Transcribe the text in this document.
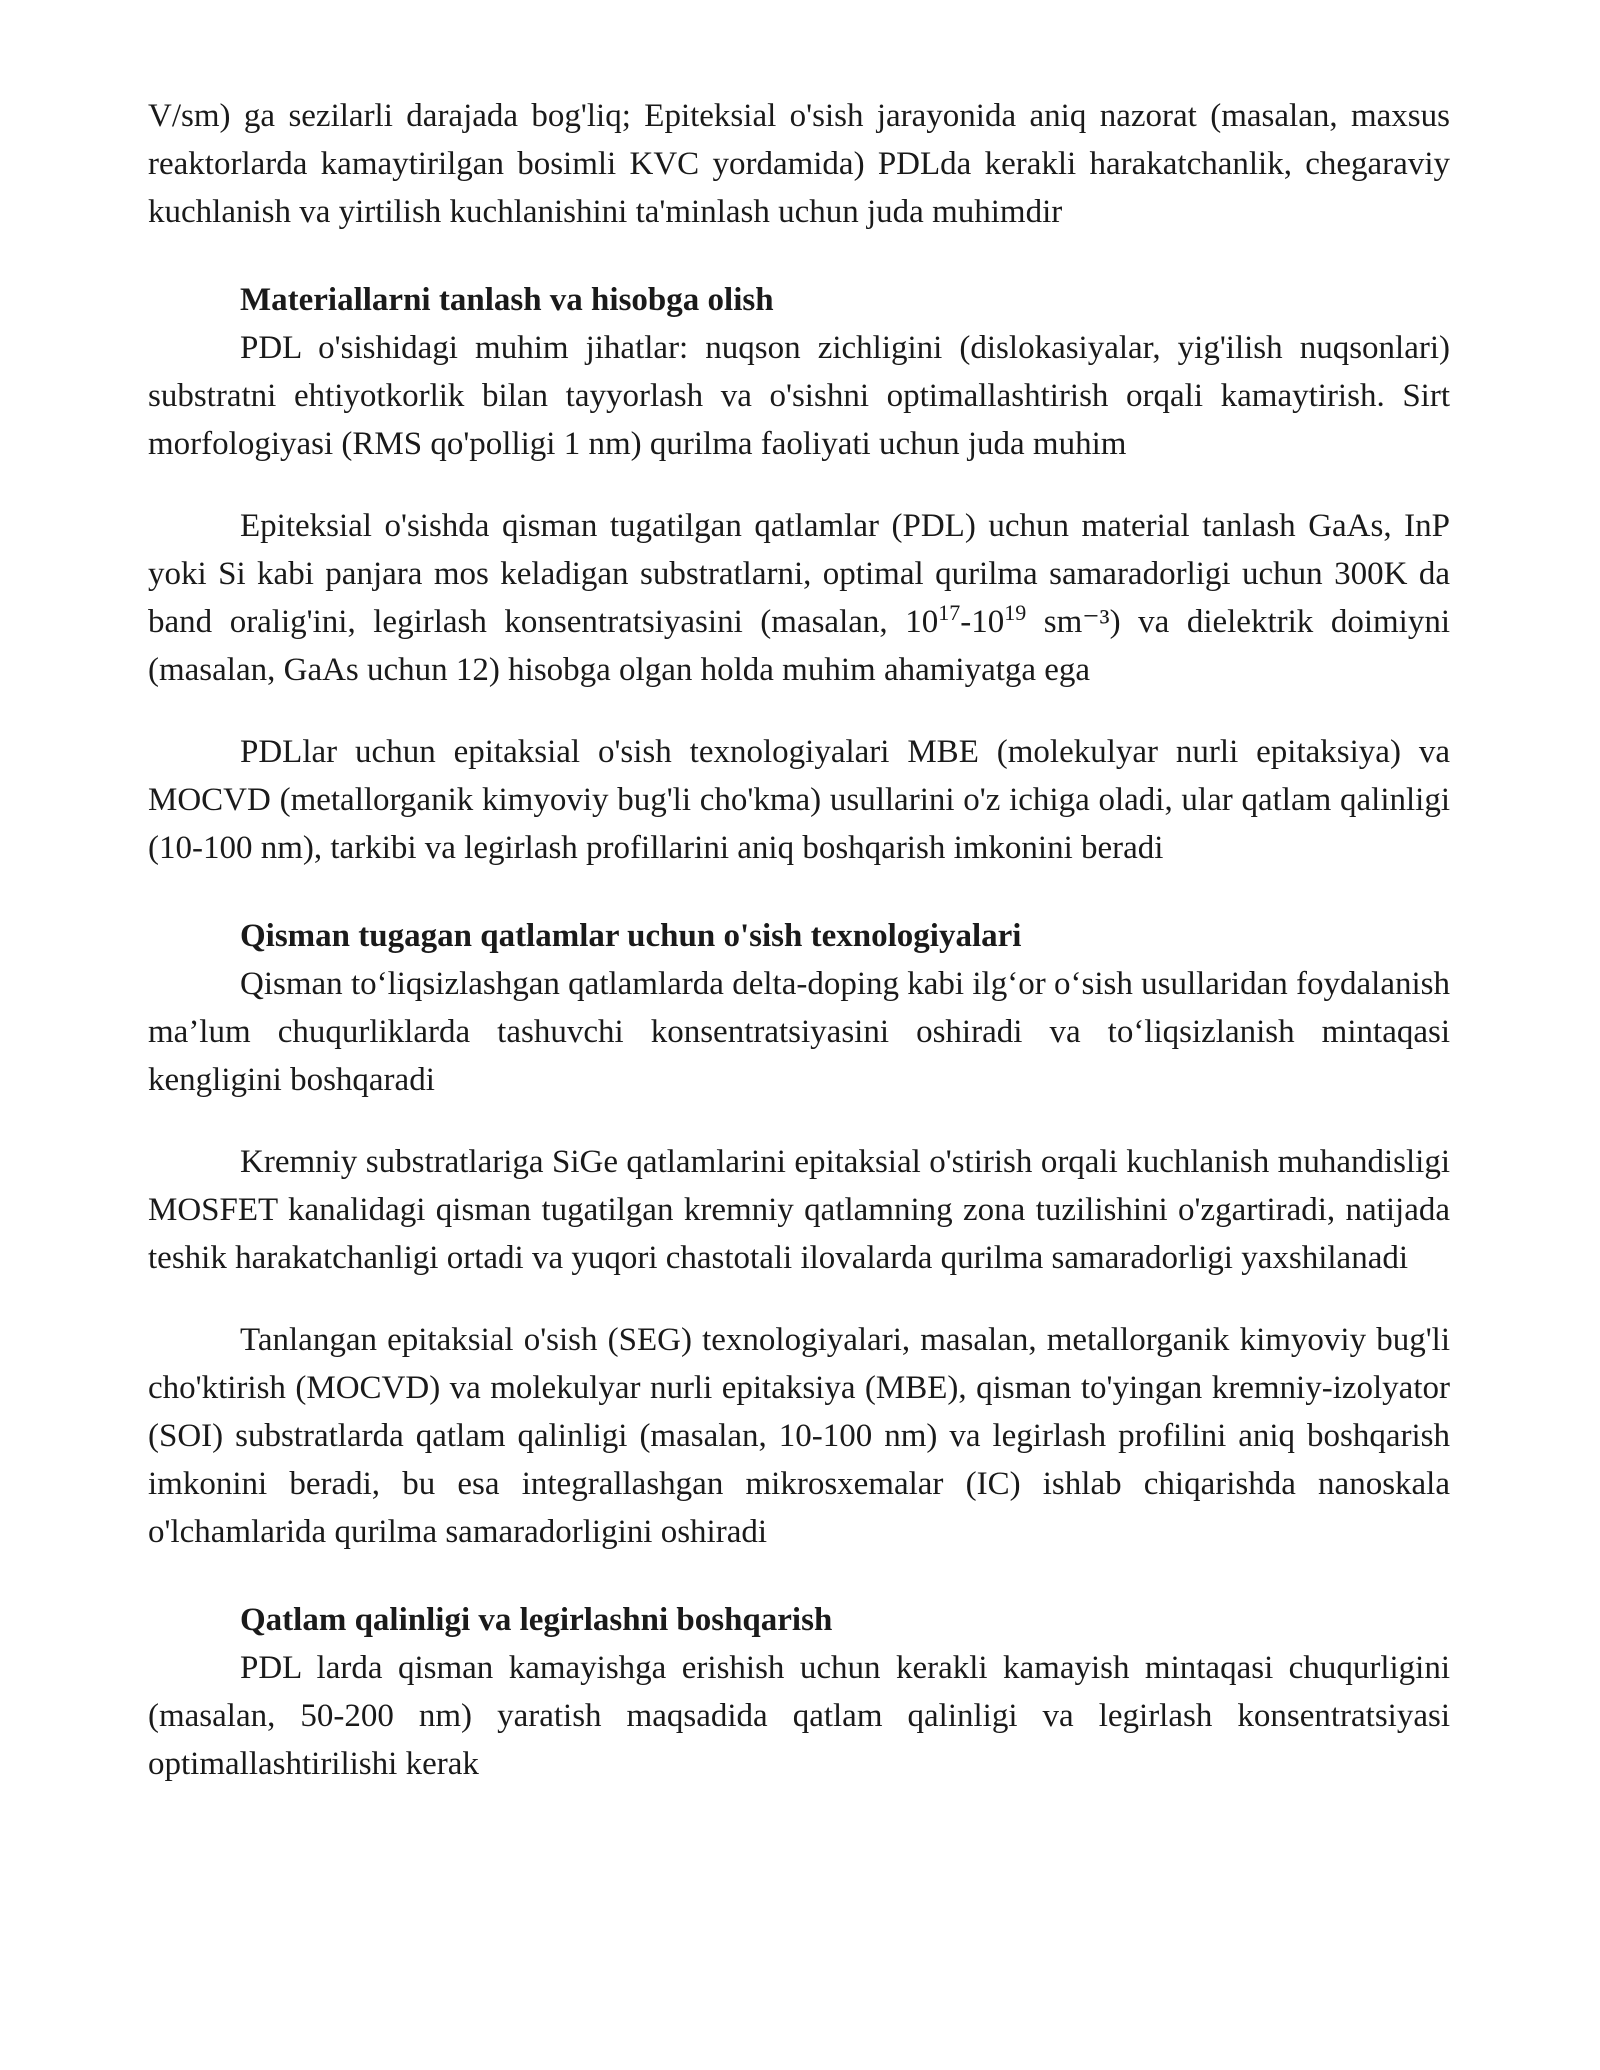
V/sm) ga sezilarli darajada bog'liq; Epiteksial o'sish jarayonida aniq nazorat (masalan, maxsus reaktorlarda kamaytirilgan bosimli KVC yordamida) PDLda kerakli harakatchanlik, chegaraviy kuchlanish va yirtilish kuchlanishini ta'minlash uchun juda muhimdir

Materiallarni tanlash va hisobga olish

PDL o'sishidagi muhim jihatlar: nuqson zichligini (dislokasiyalar, yig'ilish nuqsonlari) substratni ehtiyotkorlik bilan tayyorlash va o'sishni optimallashtirish orqali kamaytirish. Sirt morfologiyasi (RMS qo'polligi 1 nm) qurilma faoliyati uchun juda muhim

Epiteksial o'sishda qisman tugatilgan qatlamlar (PDL) uchun material tanlash GaAs, InP yoki Si kabi panjara mos keladigan substratlarni, optimal qurilma samaradorligi uchun 300K da band oralig'ini, legirlash konsentratsiyasini (masalan, $10^{17}-10^{19}$ sm⁻³) va dielektrik doimiyni (masalan, GaAs uchun 12) hisobga olgan holda muhim ahamiyatga ega

PDLlar uchun epitaksial o'sish texnologiyalari MBE (molekulyar nurli epitaksiya) va MOCVD (metallorganik kimyoviy bug'li cho'kma) usullarini o'z ichiga oladi, ular qatlam qalinligi (10-100 nm), tarkibi va legirlash profillarini aniq boshqarish imkonini beradi

Qisman tugagan qatlamlar uchun o'sish texnologiyalari

Qisman to‘liqsizlashgan qatlamlarda delta-doping kabi ilg‘or o‘sish usullaridan foydalanish ma’lum chuqurliklarda tashuvchi konsentratsiyasini oshiradi va to‘liqsizlanish mintaqasi kengligini boshqaradi

Kremniy substratlariga SiGe qatlamlarini epitaksial o'stirish orqali kuchlanish muhandisligi MOSFET kanalidagi qisman tugatilgan kremniy qatlamning zona tuzilishini o'zgartiradi, natijada teshik harakatchanligi ortadi va yuqori chastotali ilovalarda qurilma samaradorligi yaxshilanadi

Tanlangan epitaksial o'sish (SEG) texnologiyalari, masalan, metallorganik kimyoviy bug'li cho'ktirish (MOCVD) va molekulyar nurli epitaksiya (MBE), qisman to'yingan kremniy-izolyator (SOI) substratlarda qatlam qalinligi (masalan, 10-100 nm) va legirlash profilini aniq boshqarish imkonini beradi, bu esa integrallashgan mikrosxemalar (IC) ishlab chiqarishda nanoskala o'lchamlarida qurilma samaradorligini oshiradi

Qatlam qalinligi va legirlashni boshqarish

PDL larda qisman kamayishga erishish uchun kerakli kamayish mintaqasi chuqurligini (masalan, 50-200 nm) yaratish maqsadida qatlam qalinligi va legirlash konsentratsiyasi optimallashtirilishi kerak
